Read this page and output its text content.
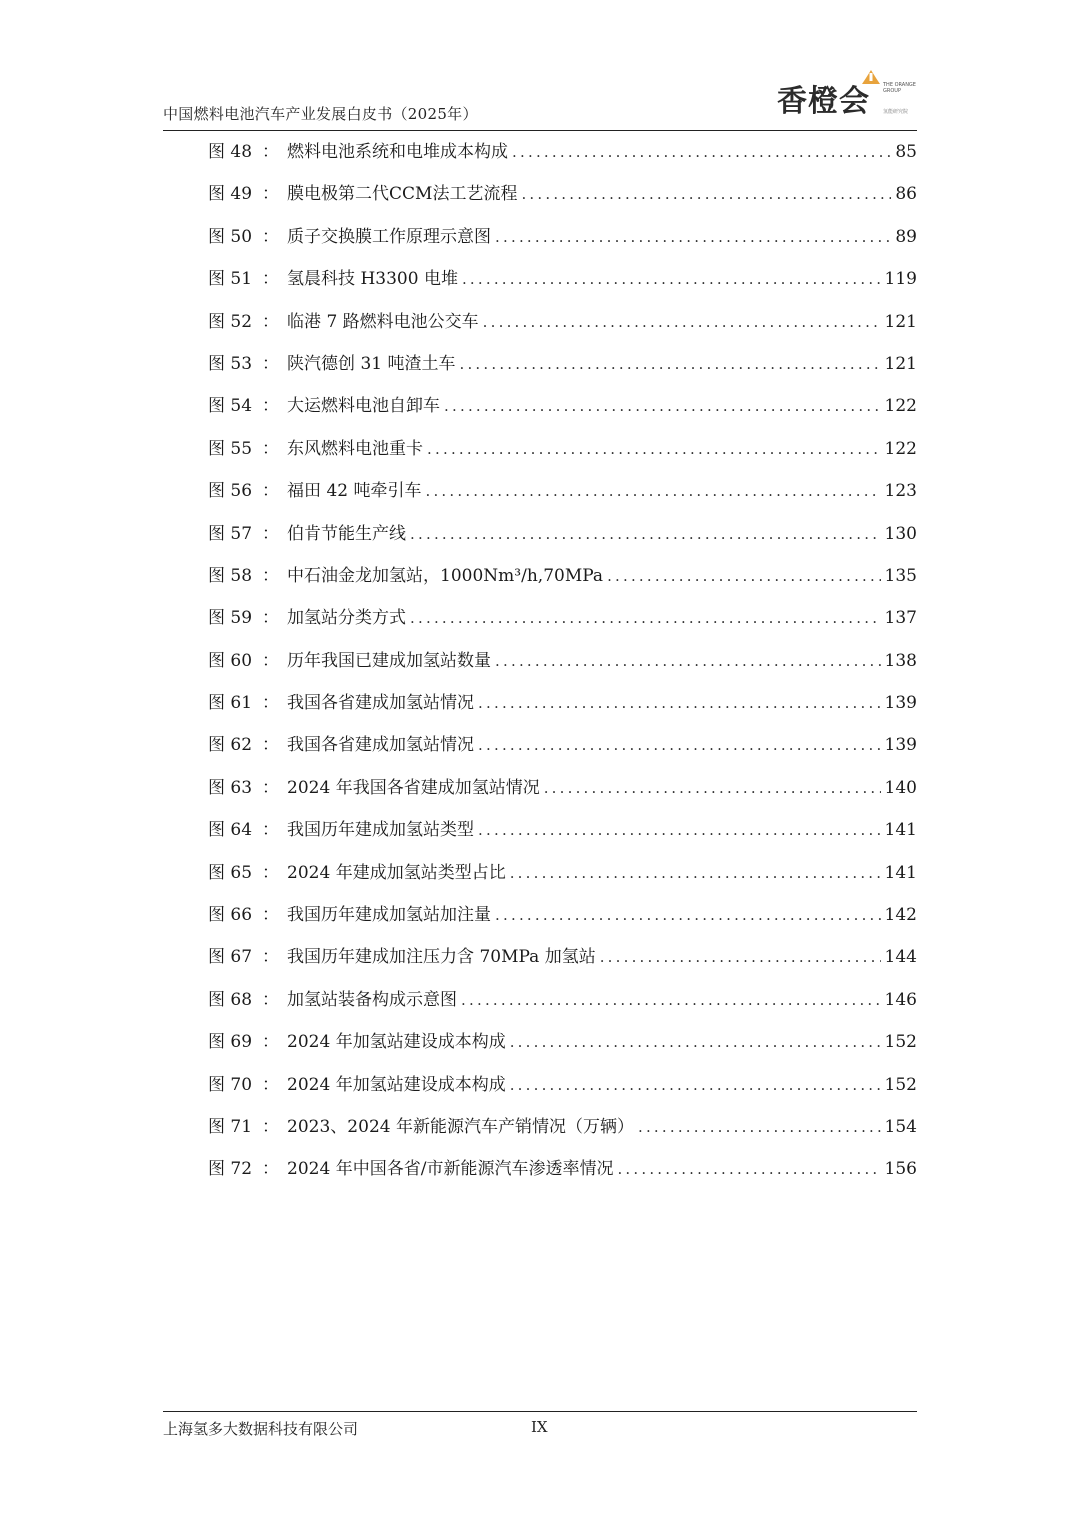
中国燃料电池汽车产业发展白皮书（2025年）	香橙会	THE ORANGE GROUP
氢能研究院
图 48 ： 燃料电池系统和电堆成本构成 .....	85
图 49 ： 膜电极第二代CCM法工艺流程 .....	86
图 50 ： 质子交换膜工作原理示意图 .....	89
图 51 ： 氢晨科技 H3300 电堆 .....	119
图 52 ： 临港 7 路燃料电池公交车 .....	121
图 53 ： 陕汽德创 31 吨渣土车 .....	121
图 54 ： 大运燃料电池自卸车 .....	122
图 55 ： 东风燃料电池重卡 .....	122
图 56 ： 福田 42 吨牵引车 .....	123
图 57 ： 伯肯节能生产线 .....	130
图 58 ： 中石油金龙加氢站，1000Nm³/h,70MPa .....	135
图 59 ： 加氢站分类方式 .....	137
图 60 ： 历年我国已建成加氢站数量 .....	138
图 61 ： 我国各省建成加氢站情况 .....	139
图 62 ： 我国各省建成加氢站情况 .....	139
图 63 ： 2024 年我国各省建成加氢站情况 .....	140
图 64 ： 我国历年建成加氢站类型 .....	141
图 65 ： 2024 年建成加氢站类型占比 .....	141
图 66 ： 我国历年建成加氢站加注量 .....	142
图 67 ： 我国历年建成加注压力含 70MPa 加氢站 .....	144
图 68 ： 加氢站装备构成示意图 .....	146
图 69 ： 2024 年加氢站建设成本构成 .....	152
图 70 ： 2024 年加氢站建设成本构成 .....	152
图 71 ： 2023、2024 年新能源汽车产销情况（万辆） .....	154
图 72 ： 2024 年中国各省/市新能源汽车渗透率情况 .....	156
上海氢多大数据科技有限公司	IX
